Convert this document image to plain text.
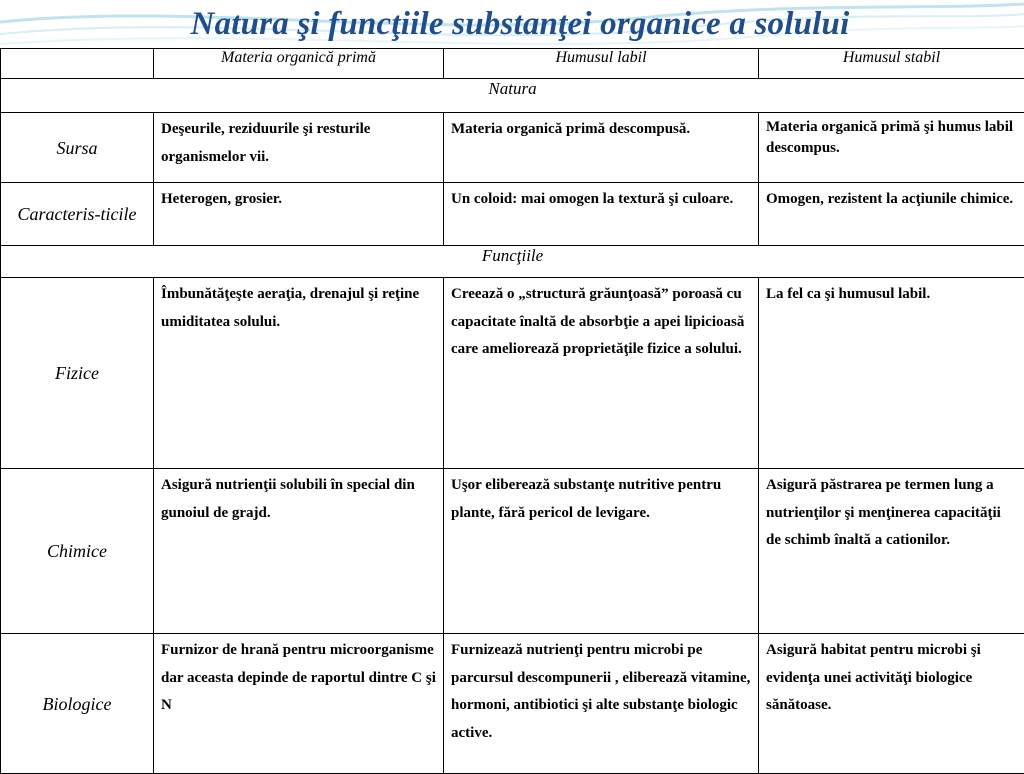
Natura şi funcţiile substanţei organice a solului
	Materia organică primă	Humusul labil	Humusul stabil
Natura			
Sursa	Deşeurile, reziduurile şi resturile organismelor vii.	Materia organică primă descompusă.	Materia organică primă şi humus labil descompus.
Caracteris-ticile	Heterogen, grosier.	Un coloid: mai omogen la textură şi culoare.	Omogen, rezistent la acţiunile chimice.
Funcţiile			
Fizice	Îmbunătăţeşte aeraţia, drenajul şi reţine umiditatea solului.	Creează o „structură grăunţoasă” poroasă cu capacitate înaltă de absorbţie a apei lipicioasă care ameliorează proprietăţile fizice a solului.	La fel ca şi humusul labil.
Chimice	Asigură nutrienţii solubili în special din gunoiul de grajd.	Uşor eliberează substanţe nutritive pentru plante, fără pericol de levigare.	Asigură păstrarea pe termen lung a nutrienţilor şi menţinerea capacităţii de schimb înaltă a cationilor.
Biologice	Furnizor de hrană pentru microorganisme dar aceasta depinde de raportul dintre C şi N	Furnizează nutrienţi pentru microbi pe parcursul descompunerii , eliberează vitamine, hormoni, antibiotici şi alte substanţe biologic active.	Asigură habitat pentru microbi şi evidenţa unei activităţi biologice sănătoase.
